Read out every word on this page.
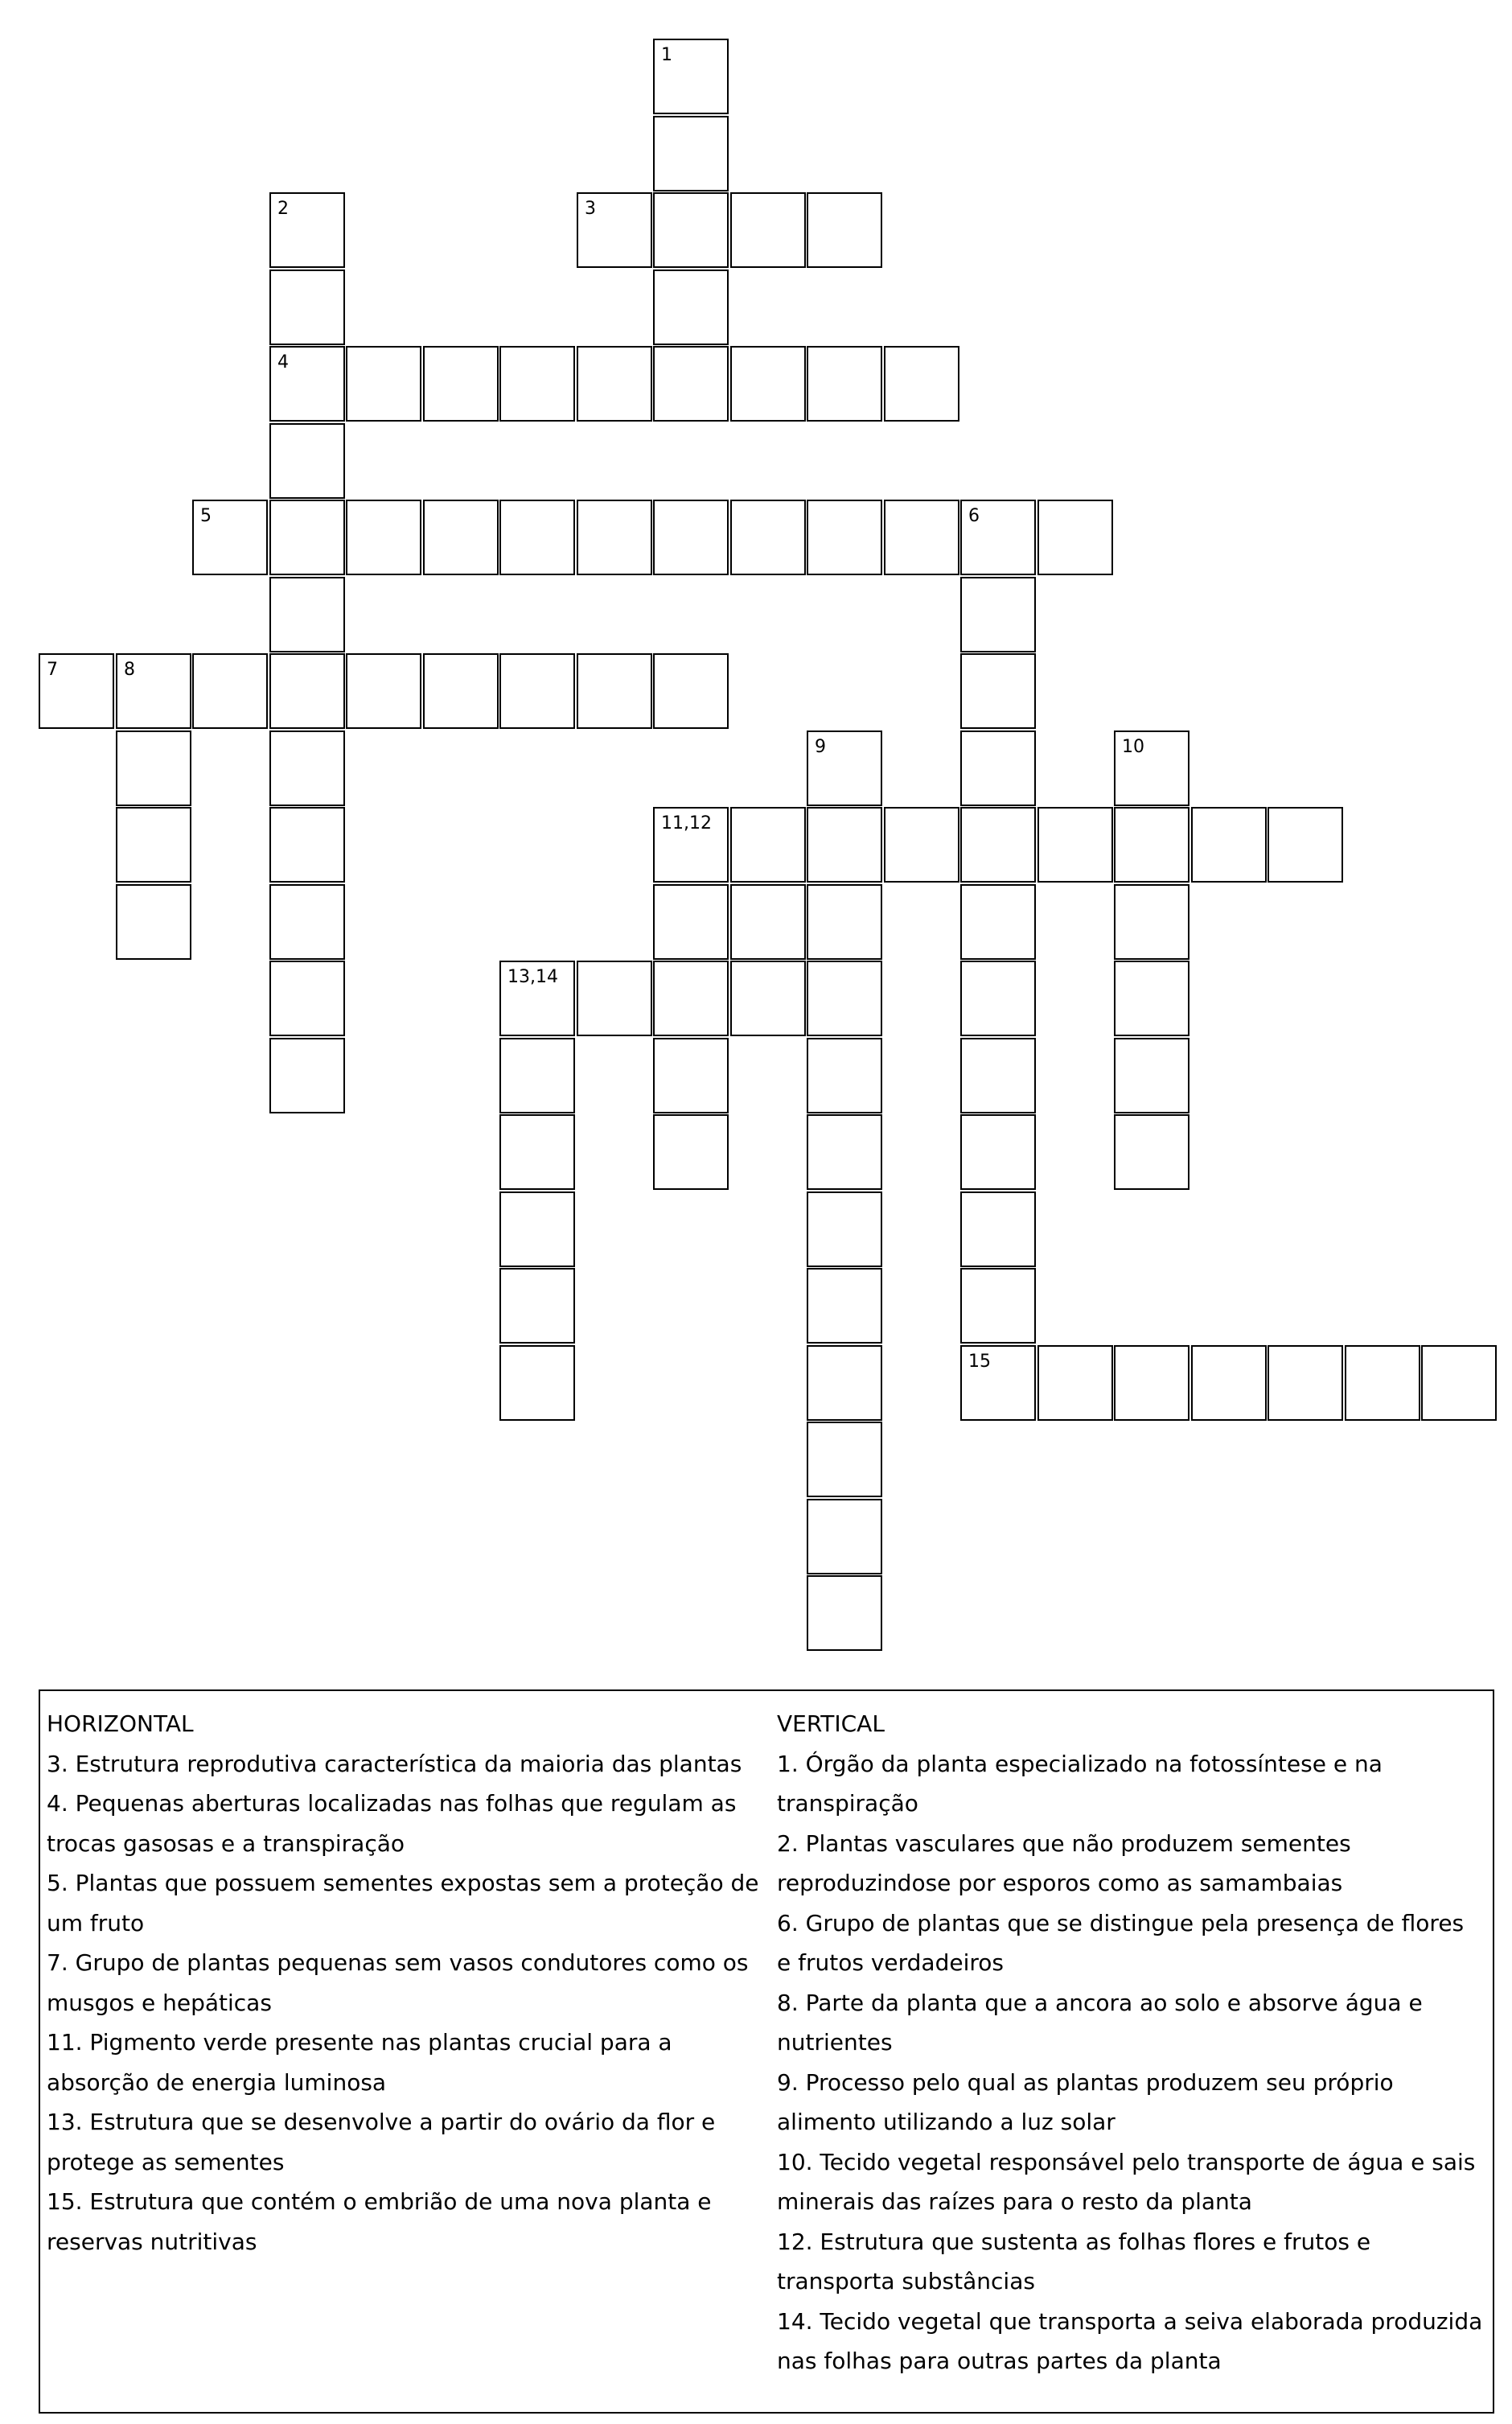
1
2	3
4
5	6
7	8
9	10
11,12
13,14
15
HORIZONTAL
3. Estrutura reprodutiva característica da maioria das plantas
4. Pequenas aberturas localizadas nas folhas que regulam as trocas gasosas e a transpiração
5. Plantas que possuem sementes expostas sem a proteção de um fruto
7. Grupo de plantas pequenas sem vasos condutores como os musgos e hepáticas
11. Pigmento verde presente nas plantas crucial para a absorção de energia luminosa
13. Estrutura que se desenvolve a partir do ovário da flor e protege as sementes
15. Estrutura que contém o embrião de uma nova planta e reservas nutritivas
VERTICAL
1. Órgão da planta especializado na fotossíntese e na transpiração
2. Plantas vasculares que não produzem sementes reproduzindose por esporos como as samambaias
6. Grupo de plantas que se distingue pela presença de flores e frutos verdadeiros
8. Parte da planta que a ancora ao solo e absorve água e nutrientes
9. Processo pelo qual as plantas produzem seu próprio alimento utilizando a luz solar
10. Tecido vegetal responsável pelo transporte de água e sais minerais das raízes para o resto da planta
12. Estrutura que sustenta as folhas flores e frutos e transporta substâncias
14. Tecido vegetal que transporta a seiva elaborada produzida nas folhas para outras partes da planta
